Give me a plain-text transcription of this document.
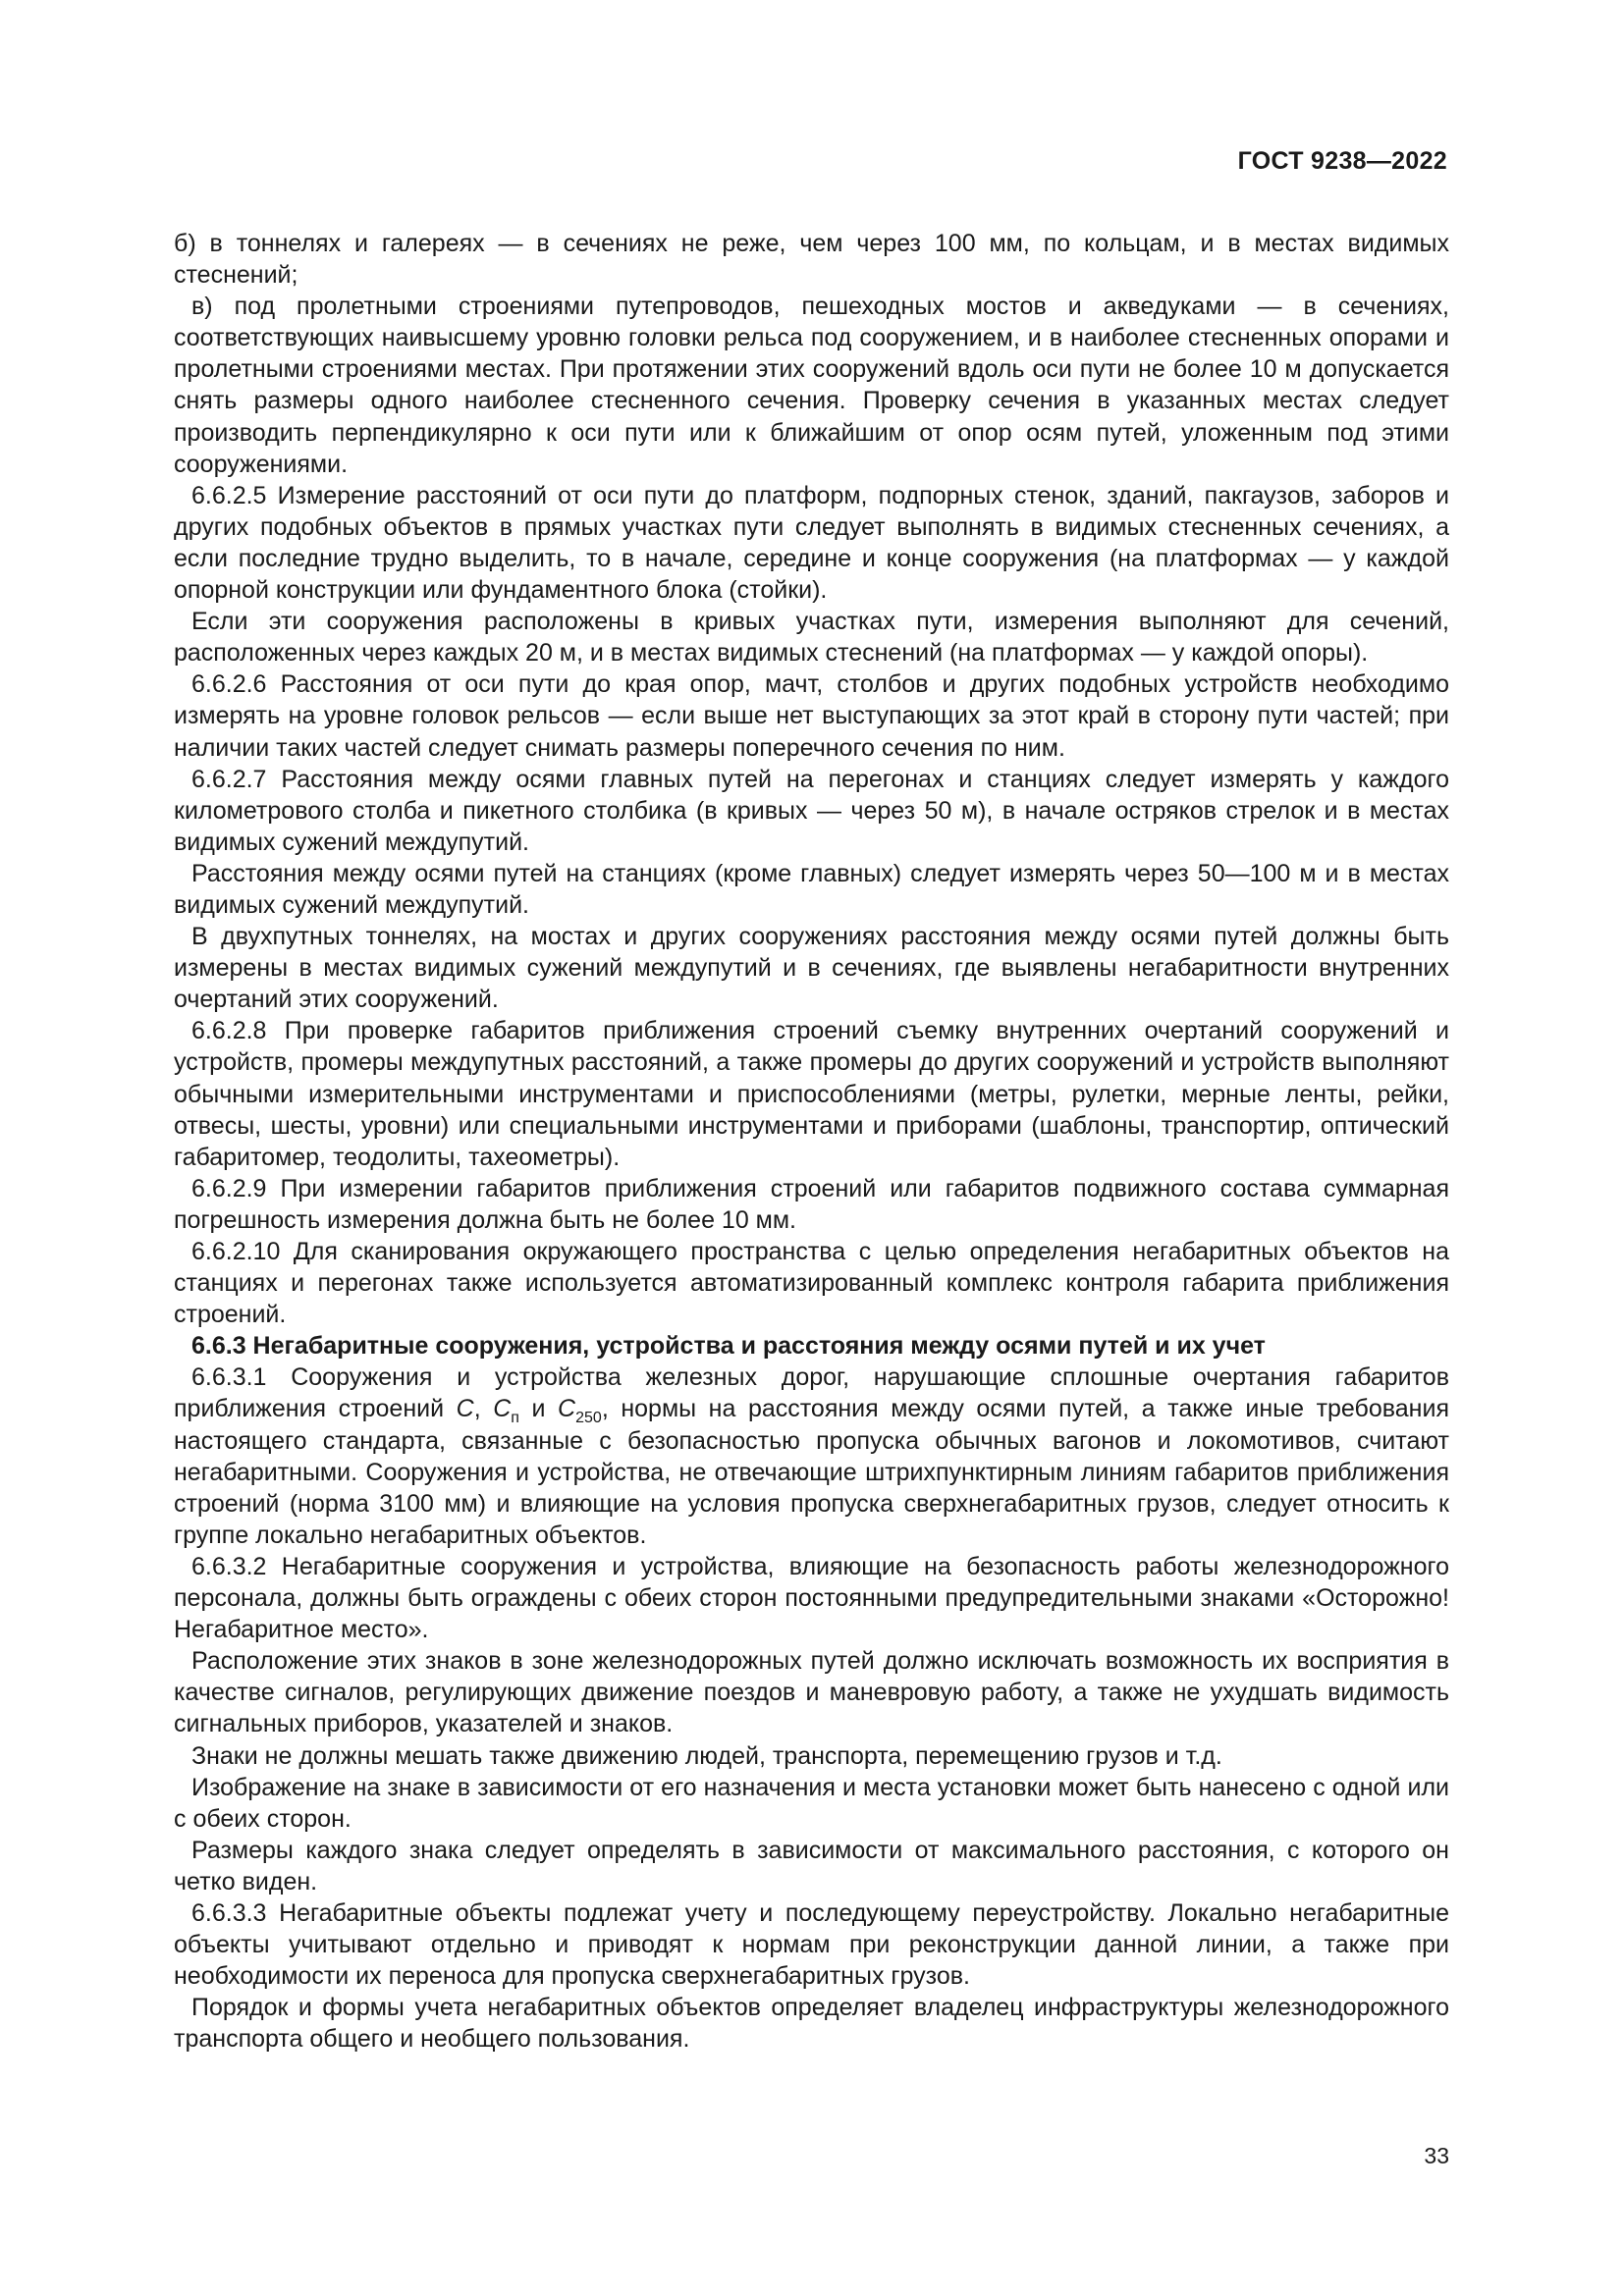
ГОСТ 9238—2022

б) в тоннелях и галереях — в сечениях не реже, чем через 100 мм, по кольцам, и в местах видимых стеснений;

в) под пролетными строениями путепроводов, пешеходных мостов и акведуками — в сечениях, соответствующих наивысшему уровню головки рельса под сооружением, и в наиболее стесненных опорами и пролетными строениями местах. При протяжении этих сооружений вдоль оси пути не более 10 м допускается снять размеры одного наиболее стесненного сечения. Проверку сечения в указанных местах следует производить перпендикулярно к оси пути или к ближайшим от опор осям путей, уложенным под этими сооружениями.

6.6.2.5 Измерение расстояний от оси пути до платформ, подпорных стенок, зданий, пакгаузов, заборов и других подобных объектов в прямых участках пути следует выполнять в видимых стесненных сечениях, а если последние трудно выделить, то в начале, середине и конце сооружения (на платформах — у каждой опорной конструкции или фундаментного блока (стойки).

Если эти сооружения расположены в кривых участках пути, измерения выполняют для сечений, расположенных через каждых 20 м, и в местах видимых стеснений (на платформах — у каждой опоры).

6.6.2.6 Расстояния от оси пути до края опор, мачт, столбов и других подобных устройств необходимо измерять на уровне головок рельсов — если выше нет выступающих за этот край в сторону пути частей; при наличии таких частей следует снимать размеры поперечного сечения по ним.

6.6.2.7 Расстояния между осями главных путей на перегонах и станциях следует измерять у каждого километрового столба и пикетного столбика (в кривых — через 50 м), в начале остряков стрелок и в местах видимых сужений междупутий.

Расстояния между осями путей на станциях (кроме главных) следует измерять через 50—100 м и в местах видимых сужений междупутий.

В двухпутных тоннелях, на мостах и других сооружениях расстояния между осями путей должны быть измерены в местах видимых сужений междупутий и в сечениях, где выявлены негабаритности внутренних очертаний этих сооружений.

6.6.2.8 При проверке габаритов приближения строений съемку внутренних очертаний сооружений и устройств, промеры междупутных расстояний, а также промеры до других сооружений и устройств выполняют обычными измерительными инструментами и приспособлениями (метры, рулетки, мерные ленты, рейки, отвесы, шесты, уровни) или специальными инструментами и приборами (шаблоны, транспортир, оптический габаритомер, теодолиты, тахеометры).

6.6.2.9 При измерении габаритов приближения строений или габаритов подвижного состава суммарная погрешность измерения должна быть не более 10 мм.

6.6.2.10 Для сканирования окружающего пространства с целью определения негабаритных объектов на станциях и перегонах также используется автоматизированный комплекс контроля габарита приближения строений.

6.6.3 Негабаритные сооружения, устройства и расстояния между осями путей и их учет

6.6.3.1 Сооружения и устройства железных дорог, нарушающие сплошные очертания габаритов приближения строений С, $С_п$ и $С_{250}$, нормы на расстояния между осями путей, а также иные требования настоящего стандарта, связанные с безопасностью пропуска обычных вагонов и локомотивов, считают негабаритными. Сооружения и устройства, не отвечающие штрихпунктирным линиям габаритов приближения строений (норма 3100 мм) и влияющие на условия пропуска сверхнегабаритных грузов, следует относить к группе локально негабаритных объектов.

6.6.3.2 Негабаритные сооружения и устройства, влияющие на безопасность работы железнодорожного персонала, должны быть ограждены с обеих сторон постоянными предупредительными знаками «Осторожно! Негабаритное место».

Расположение этих знаков в зоне железнодорожных путей должно исключать возможность их восприятия в качестве сигналов, регулирующих движение поездов и маневровую работу, а также не ухудшать видимость сигнальных приборов, указателей и знаков.

Знаки не должны мешать также движению людей, транспорта, перемещению грузов и т.д.

Изображение на знаке в зависимости от его назначения и места установки может быть нанесено с одной или с обеих сторон.

Размеры каждого знака следует определять в зависимости от максимального расстояния, с которого он четко виден.

6.6.3.3 Негабаритные объекты подлежат учету и последующему переустройству. Локально негабаритные объекты учитывают отдельно и приводят к нормам при реконструкции данной линии, а также при необходимости их переноса для пропуска сверхнегабаритных грузов.

Порядок и формы учета негабаритных объектов определяет владелец инфраструктуры железнодорожного транспорта общего и необщего пользования.

33
